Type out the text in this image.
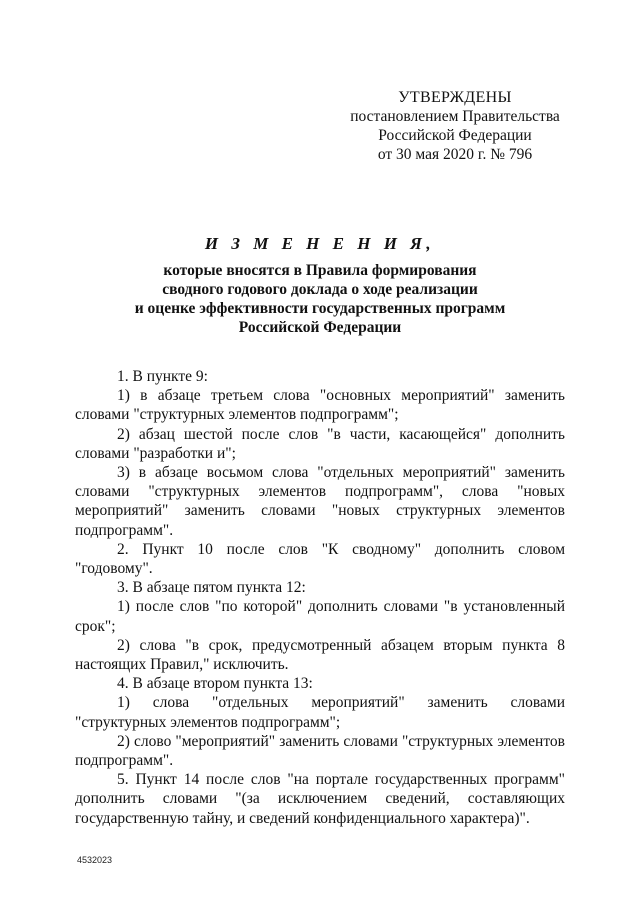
УТВЕРЖДЕНЫ
постановлением Правительства
Российской Федерации
от 30 мая 2020 г. № 796
И З М Е Н Е Н И Я,
которые вносятся в Правила формирования
сводного годового доклада о ходе реализации
и оценке эффективности государственных программ
Российской Федерации

1. В пункте 9:

1) в абзаце третьем слова "основных мероприятий" заменить словами "структурных элементов подпрограмм";

2) абзац шестой после слов "в части, касающейся" дополнить словами "разработки и";

3) в абзаце восьмом слова "отдельных мероприятий" заменить словами "структурных элементов подпрограмм", слова "новых мероприятий" заменить словами "новых структурных элементов подпрограмм".

2. Пункт 10 после слов "К сводному" дополнить словом "годовому".

3. В абзаце пятом пункта 12:

1) после слов "по которой" дополнить словами "в установленный срок";

2) слова "в срок, предусмотренный абзацем вторым пункта 8 настоящих Правил," исключить.

4. В абзаце втором пункта 13:

1) слова "отдельных мероприятий" заменить словами "структурных элементов подпрограмм";

2) слово "мероприятий" заменить словами "структурных элементов подпрограмм".

5. Пункт 14 после слов "на портале государственных программ" дополнить словами "(за исключением сведений, составляющих государственную тайну, и сведений конфиденциального характера)".

4532023
